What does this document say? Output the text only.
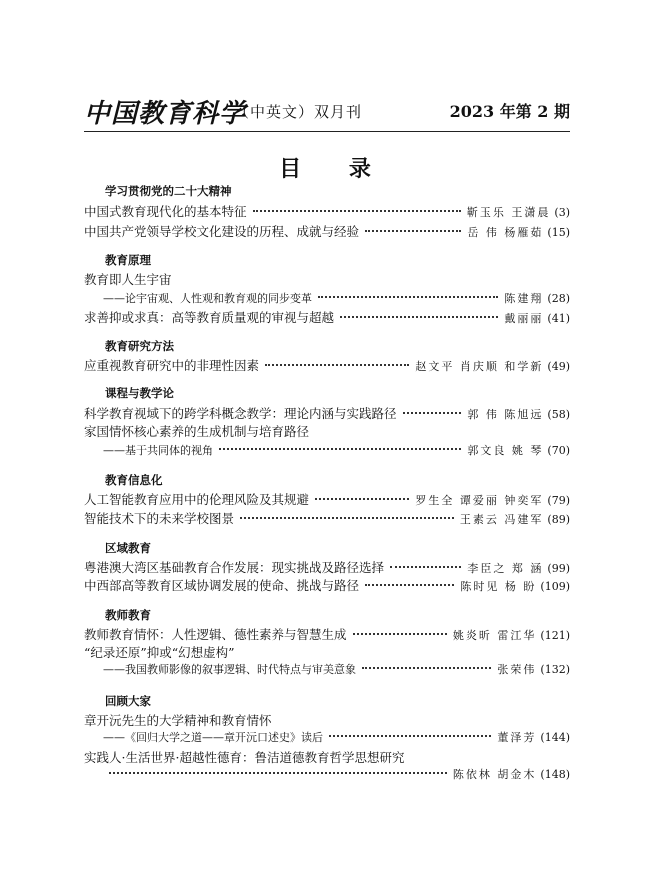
中国教育科学
（中英文）双月刊	2023 年第 2 期
目 录
学习贯彻党的二十大精神
教育原理
教育研究方法
课程与教学论
教育信息化
区域教育
教师教育
回顾大家
中国式教育现代化的基本特征	靳玉乐 王潇晨 (3)
中国共产党领导学校文化建设的历程、成就与经验	岳 伟 杨雁茹 (15)
教育即人生宇宙
——论宇宙观、人性观和教育观的同步变革	陈建翔 (28)
求善抑或求真：高等教育质量观的审视与超越	戴丽丽 (41)
应重视教育研究中的非理性因素	赵文平 肖庆顺 和学新 (49)
科学教育视域下的跨学科概念教学：理论内涵与实践路径	郭 伟 陈旭远 (58)
家国情怀核心素养的生成机制与培育路径
——基于共同体的视角	郭文良 姚 琴 (70)
人工智能教育应用中的伦理风险及其规避	罗生全 谭爱丽 钟奕军 (79)
智能技术下的未来学校图景	王素云 冯建军 (89)
粤港澳大湾区基础教育合作发展：现实挑战及路径选择	李臣之 郑 涵 (99)
中西部高等教育区域协调发展的使命、挑战与路径	陈时见 杨 盼 (109)
教师教育情怀：人性逻辑、德性素养与智慧生成	姚炎昕 雷江华 (121)
“纪录还原”抑或“幻想虚构”
——我国教师影像的叙事逻辑、时代特点与审美意象	张荣伟 (132)
章开沅先生的大学精神和教育情怀
——《回归大学之道——章开沅口述史》读后	董泽芳 (144)
实践人·生活世界·超越性德育：鲁洁道德教育哲学思想研究
陈依林 胡金木 (148)
